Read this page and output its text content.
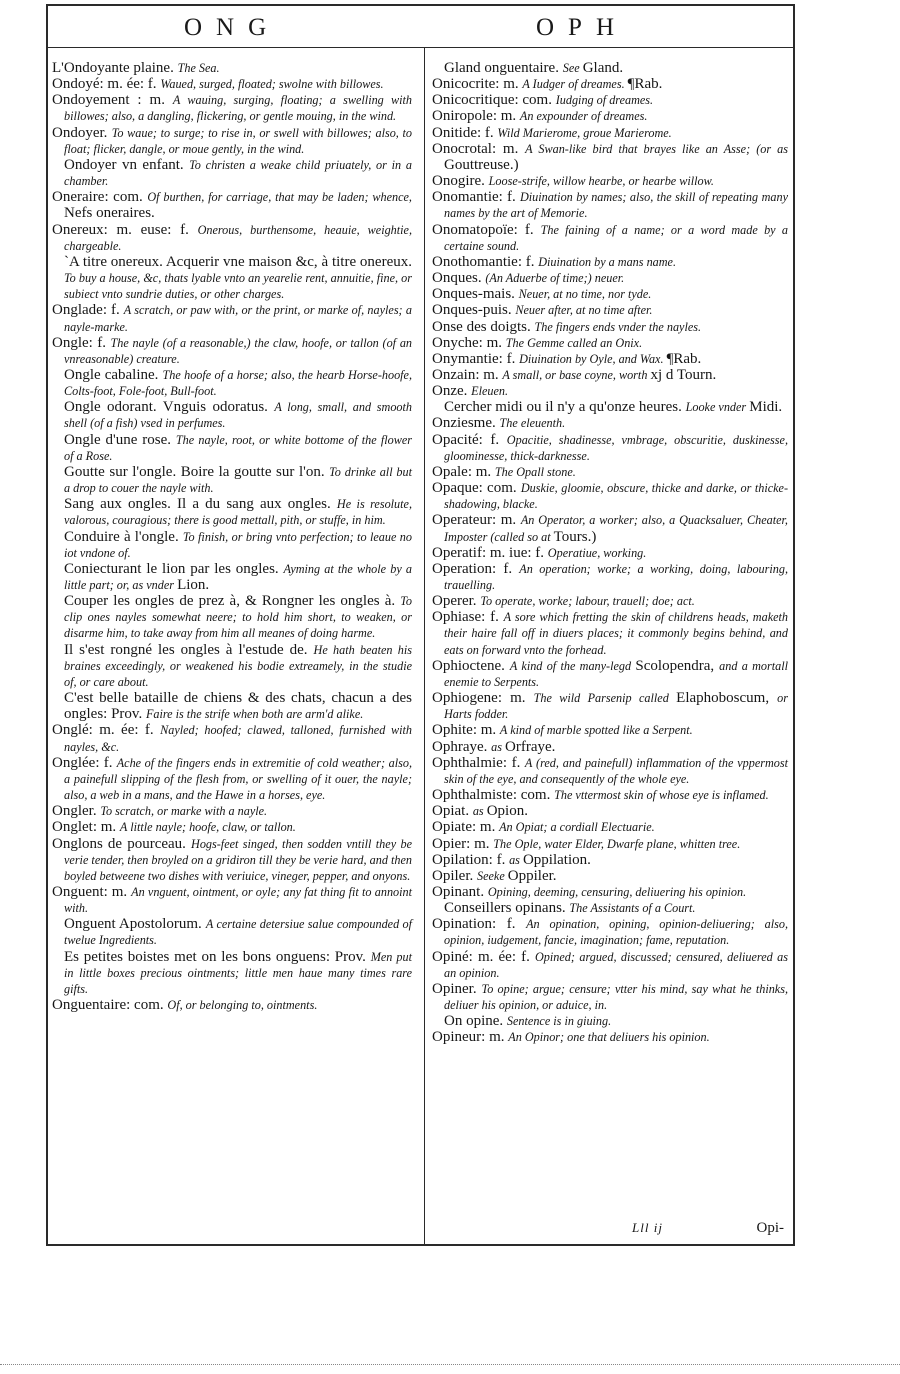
ONG	OPH

L'Ondoyante plaine. The Sea.

Ondoyé: m. ée: f. Waued, surged, floated; swolne with billowes.

Ondoyement : m. A wauing, surging, floating; a swelling with billowes; also, a dangling, flickering, or gentle mouing, in the wind.

Ondoyer. To waue; to surge; to rise in, or swell with billowes; also, to float; flicker, dangle, or moue gently, in the wind.

Ondoyer vn enfant. To christen a weake child priuately, or in a chamber.

Oneraire: com. Of burthen, for carriage, that may be laden; whence, Nefs oneraires.

Onereux: m. euse: f. Onerous, burthensome, heauie, weightie, chargeable.

`A titre onereux. Acquerir vne maison &c, à titre onereux. To buy a house, &c, thats lyable vnto an yearelie rent, annuitie, fine, or subiect vnto sundrie duties, or other charges.

Onglade: f. A scratch, or paw with, or the print, or marke of, nayles; a nayle-marke.

Ongle: f. The nayle (of a reasonable,) the claw, hoofe, or tallon (of an vnreasonable) creature.

Ongle cabaline. The hoofe of a horse; also, the hearb Horse-hoofe, Colts-foot, Fole-foot, Bull-foot.

Ongle odorant. Vnguis odoratus. A long, small, and smooth shell (of a fish) vsed in perfumes.

Ongle d'une rose. The nayle, root, or white bottome of the flower of a Rose.

Goutte sur l'ongle. Boire la goutte sur l'on. To drinke all but a drop to couer the nayle with.

Sang aux ongles. Il a du sang aux ongles. He is resolute, valorous, couragious; there is good mettall, pith, or stuffe, in him.

Conduire à l'ongle. To finish, or bring vnto perfection; to leaue no iot vndone of.

Coniecturant le lion par les ongles. Ayming at the whole by a little part; or, as vnder Lion.

Couper les ongles de prez à, & Rongner les ongles à. To clip ones nayles somewhat neere; to hold him short, to weaken, or disarme him, to take away from him all meanes of doing harme.

Il s'est rongné les ongles à l'estude de. He hath beaten his braines exceedingly, or weakened his bodie extreamely, in the studie of, or care about.

C'est belle bataille de chiens & des chats, chacun a des ongles: Prov. Faire is the strife when both are arm'd alike.

Onglé: m. ée: f. Nayled; hoofed; clawed, talloned, furnished with nayles, &c.

Onglée: f. Ache of the fingers ends in extremitie of cold weather; also, a painefull slipping of the flesh from, or swelling of it ouer, the nayle; also, a web in a mans, and the Hawe in a horses, eye.

Ongler. To scratch, or marke with a nayle.

Onglet: m. A little nayle; hoofe, claw, or tallon.

Onglons de pourceau. Hogs-feet singed, then sodden vntill they be verie tender, then broyled on a gridiron till they be verie hard, and then boyled betweene two dishes with veriuice, vineger, pepper, and onyons.

Onguent: m. An vnguent, ointment, or oyle; any fat thing fit to annoint with.

Onguent Apostolorum. A certaine detersiue salue compounded of twelue Ingredients.

Es petites boistes met on les bons onguens: Prov. Men put in little boxes precious ointments; little men haue many times rare gifts.

Onguentaire: com. Of, or belonging to, ointments.

Gland onguentaire. See Gland.

Onicocrite: m. A Iudger of dreames. ¶Rab.

Onicocritique: com. Iudging of dreames.

Oniropole: m. An expounder of dreames.

Onitide: f. Wild Marierome, groue Marierome.

Onocrotal: m. A Swan-like bird that brayes like an Asse; (or as Gouttreuse.)

Onogire. Loose-strife, willow hearbe, or hearbe willow.

Onomantie: f. Diuination by names; also, the skill of repeating many names by the art of Memorie.

Onomatopoïe: f. The faining of a name; or a word made by a certaine sound.

Onothomantie: f. Diuination by a mans name.

Onques. (An Aduerbe of time;) neuer.

Onques-mais. Neuer, at no time, nor tyde.

Onques-puis. Neuer after, at no time after.

Onse des doigts. The fingers ends vnder the nayles.

Onyche: m. The Gemme called an Onix.

Onymantie: f. Diuination by Oyle, and Wax. ¶Rab.

Onzain: m. A small, or base coyne, worth xj d Tourn.

Onze. Eleuen.

Cercher midi ou il n'y a qu'onze heures. Looke vnder Midi.

Onziesme. The eleuenth.

Opacité: f. Opacitie, shadinesse, vmbrage, obscuritie, duskinesse, gloominesse, thick-darknesse.

Opale: m. The Opall stone.

Opaque: com. Duskie, gloomie, obscure, thicke and darke, or thicke-shadowing, blacke.

Operateur: m. An Operator, a worker; also, a Quacksaluer, Cheater, Imposter (called so at Tours.)

Operatif: m. iue: f. Operatiue, working.

Operation: f. An operation; worke; a working, doing, labouring, trauelling.

Operer. To operate, worke; labour, trauell; doe; act.

Ophiase: f. A sore which fretting the skin of childrens heads, maketh their haire fall off in diuers places; it commonly begins behind, and eats on forward vnto the forhead.

Ophioctene. A kind of the many-legd Scolopendra, and a mortall enemie to Serpents.

Ophiogene: m. The wild Parsenip called Elaphoboscum, or Harts fodder.

Ophite: m. A kind of marble spotted like a Serpent.

Ophraye. as Orfraye.

Ophthalmie: f. A (red, and painefull) inflammation of the vppermost skin of the eye, and consequently of the whole eye.

Ophthalmiste: com. The vttermost skin of whose eye is inflamed.

Opiat. as Opion.

Opiate: m. An Opiat; a cordiall Electuarie.

Opier: m. The Ople, water Elder, Dwarfe plane, whitten tree.

Opilation: f. as Oppilation.

Opiler. Seeke Oppiler.

Opinant. Opining, deeming, censuring, deliuering his opinion.

Conseillers opinans. The Assistants of a Court.

Opination: f. An opination, opining, opinion-deliuering; also, opinion, iudgement, fancie, imagination; fame, reputation.

Opiné: m. ée: f. Opined; argued, discussed; censured, deliuered as an opinion.

Opiner. To opine; argue; censure; vtter his mind, say what he thinks, deliuer his opinion, or aduice, in.

On opine. Sentence is in giuing.

Opineur: m. An Opinor; one that deliuers his opinion.

Lll ij	Opi-
